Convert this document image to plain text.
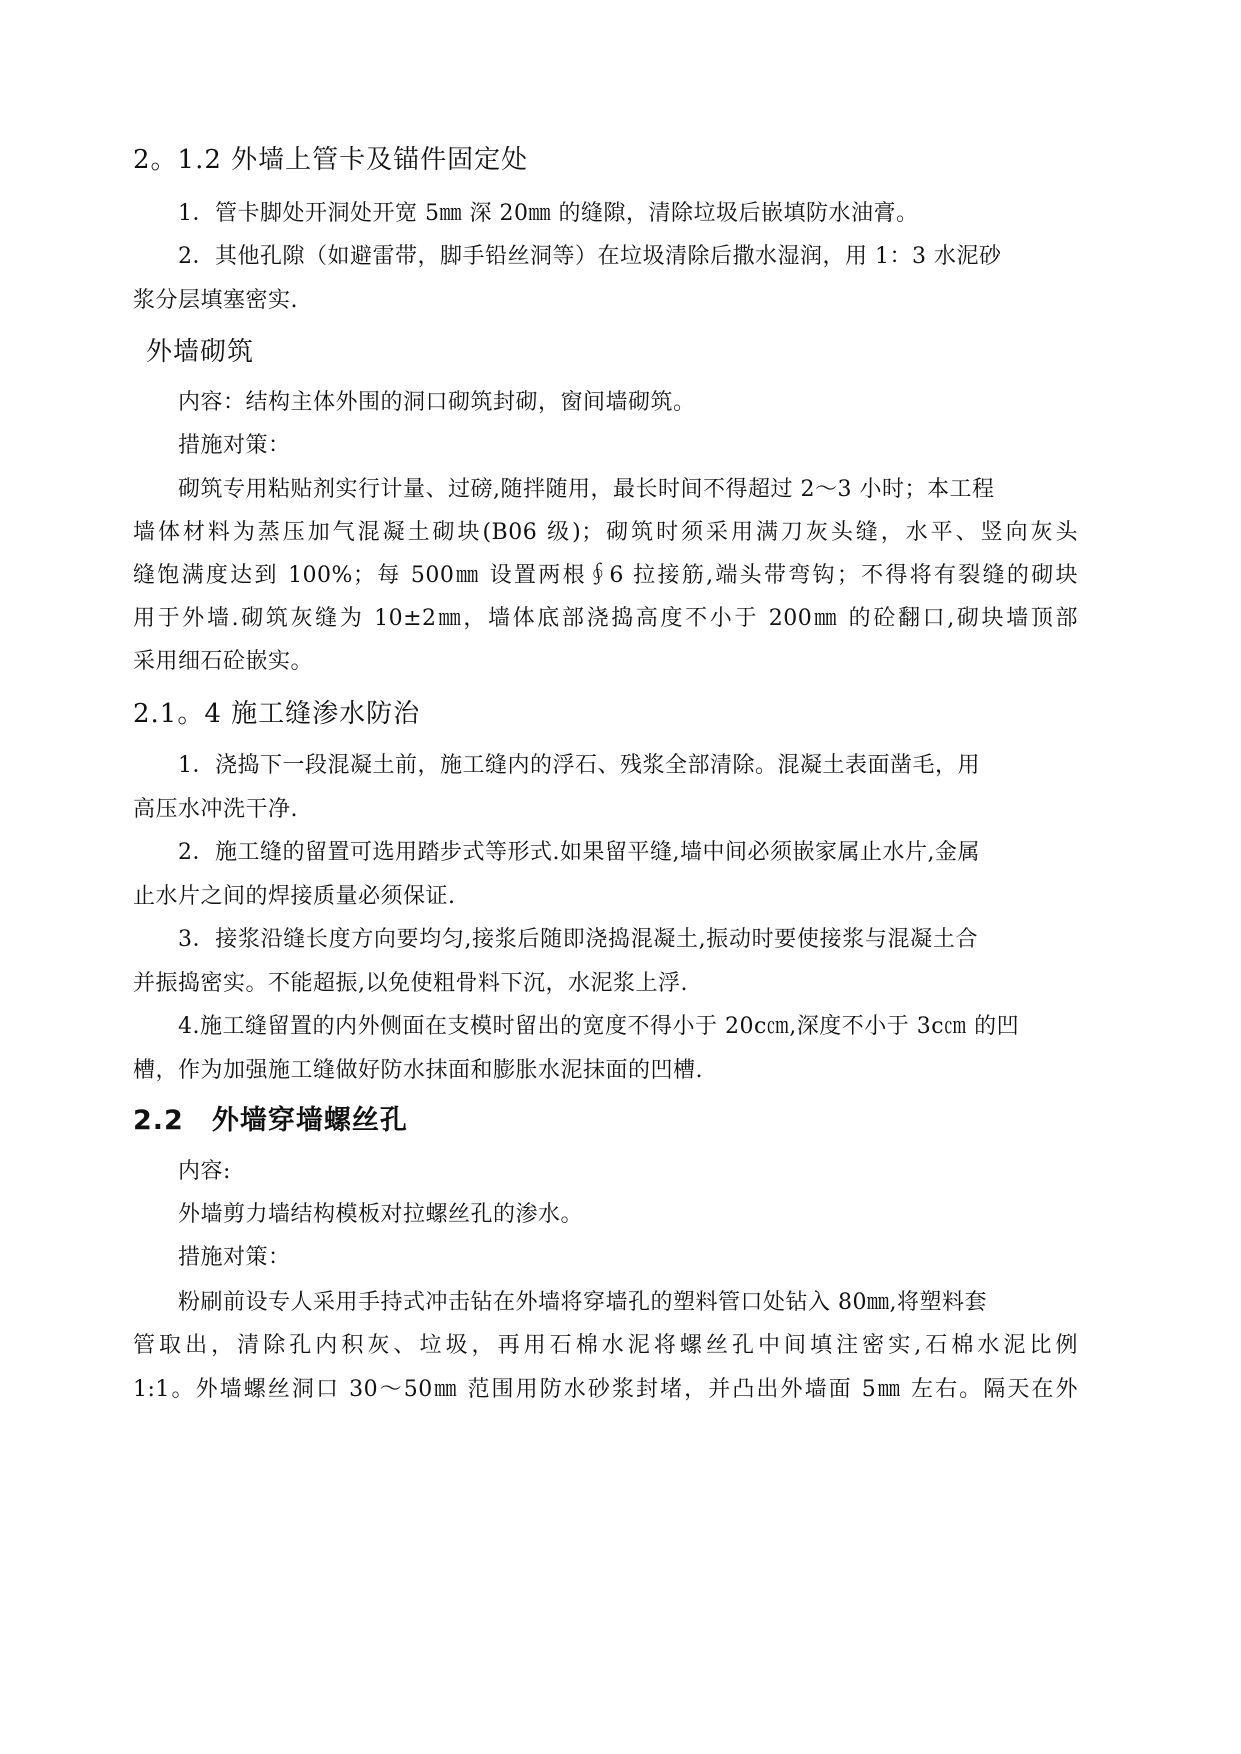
2。1.2 外墙上管卡及锚件固定处
1．管卡脚处开洞处开宽 5㎜ 深 20㎜ 的缝隙，清除垃圾后嵌填防水油膏。
2．其他孔隙（如避雷带，脚手铅丝洞等）在垃圾清除后撒水湿润，用 1：3 水泥砂
浆分层填塞密实.
外墙砌筑
内容：结构主体外围的洞口砌筑封砌，窗间墙砌筑。
措施对策：
砌筑专用粘贴剂实行计量、过磅,随拌随用，最长时间不得超过 2～3 小时；本工程
墙体材料为蒸压加气混凝土砌块(B06 级)；砌筑时须采用满刀灰头缝，水平、竖向灰头
缝饱满度达到 100%；每 500㎜ 设置两根∮6 拉接筋,端头带弯钩；不得将有裂缝的砌块
用于外墙.砌筑灰缝为 10±2㎜，墙体底部浇捣高度不小于 200㎜ 的砼翻口,砌块墙顶部
采用细石砼嵌实。
2.1。4 施工缝渗水防治
1．浇捣下一段混凝土前，施工缝内的浮石、残浆全部清除。混凝土表面凿毛，用
高压水冲洗干净.
2．施工缝的留置可选用踏步式等形式.如果留平缝,墙中间必须嵌家属止水片,金属
止水片之间的焊接质量必须保证.
3．接浆沿缝长度方向要均匀,接浆后随即浇捣混凝土,振动时要使接浆与混凝土合
并振捣密实。不能超振,以免使粗骨料下沉，水泥浆上浮.
4.施工缝留置的内外侧面在支模时留出的宽度不得小于 20c㎝,深度不小于 3c㎝ 的凹
槽，作为加强施工缝做好防水抹面和膨胀水泥抹面的凹槽.
2.2　外墙穿墙螺丝孔
内容:
外墙剪力墙结构模板对拉螺丝孔的渗水。
措施对策：
粉刷前设专人采用手持式冲击钻在外墙将穿墙孔的塑料管口处钻入 80㎜,将塑料套
管取出，清除孔内积灰、垃圾，再用石棉水泥将螺丝孔中间填注密实,石棉水泥比例
1:1。外墙螺丝洞口 30～50㎜ 范围用防水砂浆封堵，并凸出外墙面 5㎜ 左右。隔天在外
